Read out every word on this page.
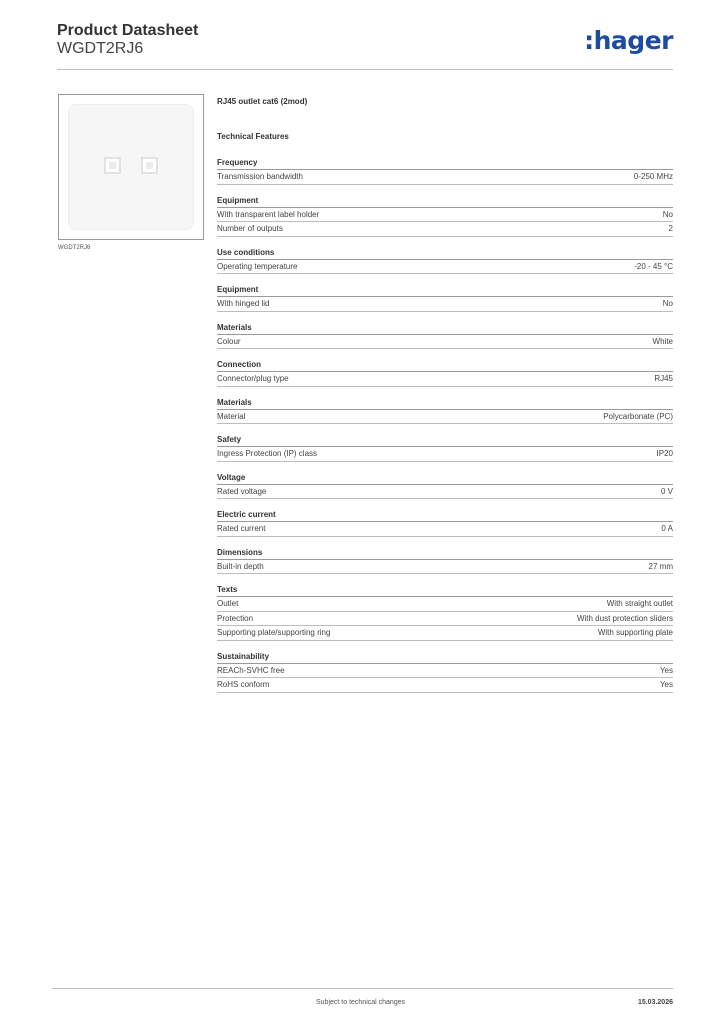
Product Datasheet
WGDT2RJ6	:hager
WGDT2RJ6
RJ45 outlet cat6 (2mod)
Technical Features
Frequency
Transmission bandwidth	0-250 MHz
Equipment
With transparent label holder	No
Number of outputs	2
Use conditions
Operating temperature	-20 - 45 °C
Equipment
With hinged lid	No
Materials
Colour	White
Connection
Connector/plug type	RJ45
Materials
Material	Polycarbonate (PC)
Safety
Ingress Protection (IP) class	IP20
Voltage
Rated voltage	0 V
Electric current
Rated current	0 A
Dimensions
Built-in depth	27 mm
Texts
Outlet	With straight outlet
Protection	With dust protection sliders
Supporting plate/supporting ring	With supporting plate
Sustainability
REACh-SVHC free	Yes
RoHS conform	Yes
Subject to technical changes	15.03.2026
